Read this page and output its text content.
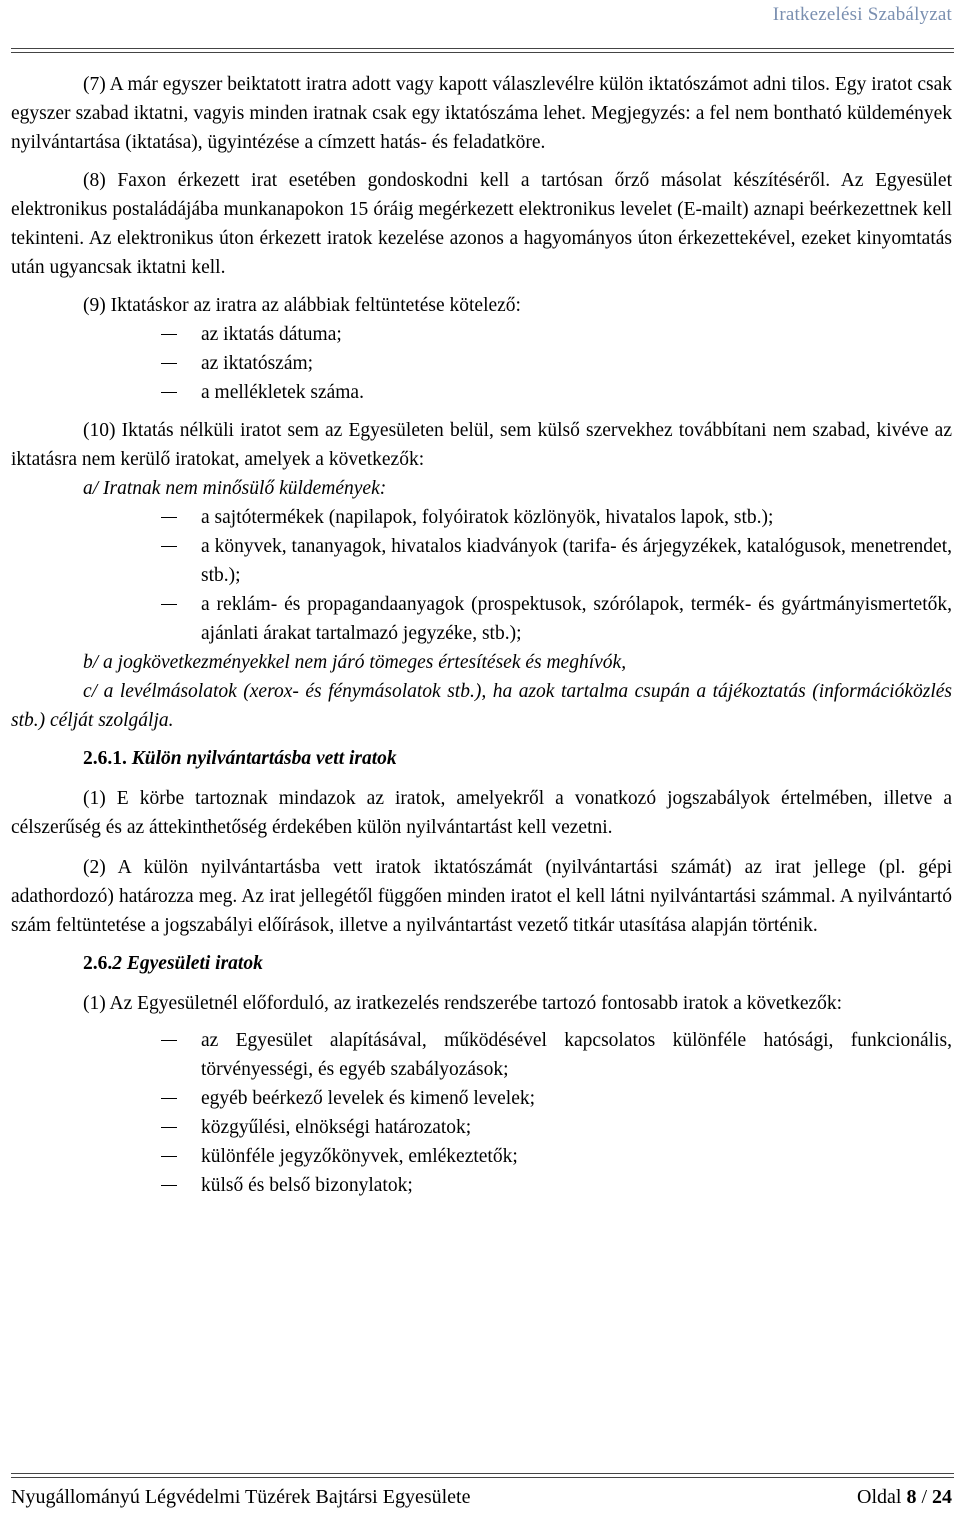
Iratkezelési Szabályzat

(7) A már egyszer beiktatott iratra adott vagy kapott válaszlevélre külön iktatószámot adni tilos. Egy iratot csak egyszer szabad iktatni, vagyis minden iratnak csak egy iktatószáma lehet. Megjegyzés: a fel nem bontható küldemények nyilvántartása (iktatása), ügyintézése a címzett hatás- és feladatköre.

(8) Faxon érkezett irat esetében gondoskodni kell a tartósan őrző másolat készítéséről. Az Egyesület elektronikus postaládájába munkanapokon 15 óráig megérkezett elektronikus levelet (E-mailt) aznapi beérkezettnek kell tekinteni. Az elektronikus úton érkezett iratok kezelése azonos a hagyományos úton érkezettekével, ezeket kinyomtatás után ugyancsak iktatni kell.

(9) Iktatáskor az iratra az alábbiak feltüntetése kötelező:

az iktatás dátuma;
az iktatószám;
a mellékletek száma.

(10) Iktatás nélküli iratot sem az Egyesületen belül, sem külső szervekhez továbbítani nem szabad, kivéve az iktatásra nem kerülő iratokat, amelyek a következők:

a/ Iratnak nem minősülő küldemények:

a sajtótermékek (napilapok, folyóiratok közlönyök, hivatalos lapok, stb.);
a könyvek, tananyagok, hivatalos kiadványok (tarifa- és árjegyzékek, katalógusok, menetrendet, stb.);
a reklám- és propagandaanyagok (prospektusok, szórólapok, termék- és gyártmányismertetők, ajánlati árakat tartalmazó jegyzéke, stb.);

b/ a jogkövetkezményekkel nem járó tömeges értesítések és meghívók,

c/ a levélmásolatok (xerox- és fénymásolatok stb.), ha azok tartalma csupán a tájékoztatás (információközlés stb.) célját szolgálja.

2.6.1. Külön nyilvántartásba vett iratok

(1) E körbe tartoznak mindazok az iratok, amelyekről a vonatkozó jogszabályok értelmében, illetve a célszerűség és az áttekinthetőség érdekében külön nyilvántartást kell vezetni.

(2) A külön nyilvántartásba vett iratok iktatószámát (nyilvántartási számát) az irat jellege (pl. gépi adathordozó) határozza meg. Az irat jellegétől függően minden iratot el kell látni nyilvántartási számmal. A nyilvántartó szám feltüntetése a jogszabályi előírások, illetve a nyilvántartást vezető titkár utasítása alapján történik.

2.6.2 Egyesületi iratok

(1) Az Egyesületnél előforduló, az iratkezelés rendszerébe tartozó fontosabb iratok a következők:

az Egyesület alapításával, működésével kapcsolatos különféle hatósági, funkcionális, törvényességi, és egyéb szabályozások;
egyéb beérkező levelek és kimenő levelek;
közgyűlési, elnökségi határozatok;
különféle jegyzőkönyvek, emlékeztetők;
külső és belső bizonylatok;
Nyugállományú Légvédelmi Tüzérek Bajtársi Egyesülete	Oldal 8 / 24
